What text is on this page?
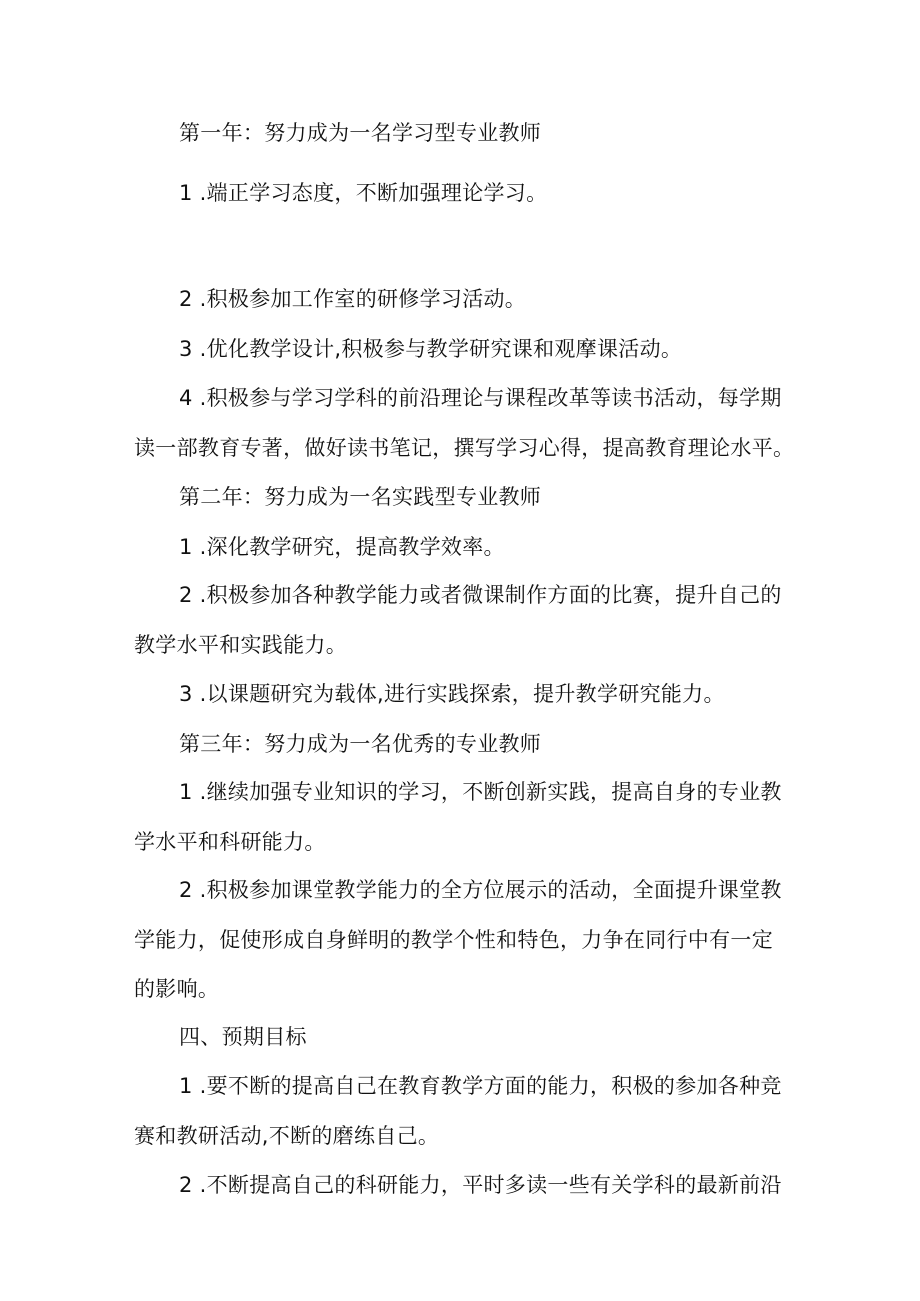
第一年：努力成为一名学习型专业教师
1 .端正学习态度，不断加强理论学习。
2 .积极参加工作室的研修学习活动。
3 .优化教学设计,积极参与教学研究课和观摩课活动。
4 .积极参与学习学科的前沿理论与课程改革等读书活动，每学期
读一部教育专著，做好读书笔记，撰写学习心得，提高教育理论水平。
第二年：努力成为一名实践型专业教师
1 .深化教学研究，提高教学效率。
2 .积极参加各种教学能力或者微课制作方面的比赛，提升自己的
教学水平和实践能力。
3 .以课题研究为载体,进行实践探索，提升教学研究能力。
第三年：努力成为一名优秀的专业教师
1 .继续加强专业知识的学习，不断创新实践，提高自身的专业教
学水平和科研能力。
2 .积极参加课堂教学能力的全方位展示的活动，全面提升课堂教
学能力，促使形成自身鲜明的教学个性和特色，力争在同行中有一定
的影响。
四、预期目标
1 .要不断的提高自己在教育教学方面的能力，积极的参加各种竞
赛和教研活动,不断的磨练自己。
2 .不断提高自己的科研能力，平时多读一些有关学科的最新前沿
